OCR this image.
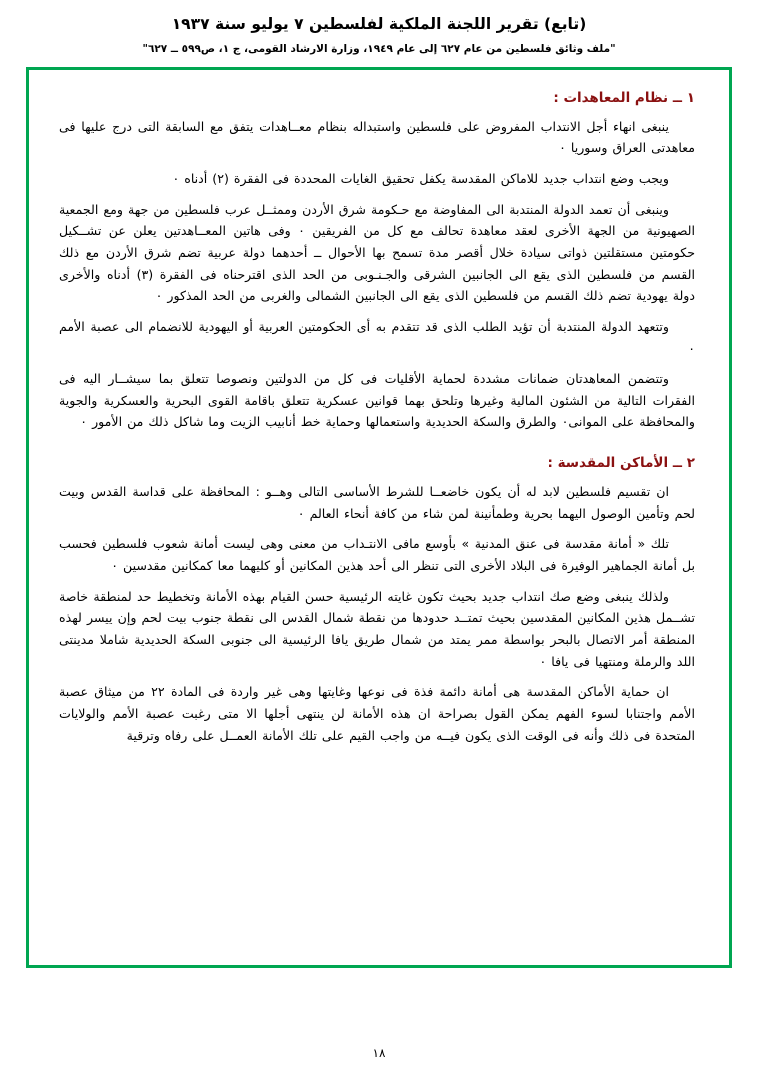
(تابع) تقرير اللجنة الملكية لفلسطين ٧ يوليو سنة ١٩٣٧
"ملف وثائق فلسطين من عام ٦٢٧ إلى عام ١٩٤٩، وزارة الارشاد القومى، ج ١، ص٥٩٩ ــ ٦٢٧"
١ ــ نظام المعاهدات :

ينبغى انهاء أجل الانتداب المفروض على فلسطين واستبداله بنظام معــاهدات يتفق مع السابقة التى درج عليها فى معاهدتى العراق وسوريا ٠

ويجب وضع انتداب جديد للاماكن المقدسة يكفل تحقيق الغايات المحددة فى الفقرة (٢) أدناه ٠

وينبغى أن تعمد الدولة المنتدبة الى المفاوضة مع حـكومة شرق الأردن وممثــل عرب فلسطين من جهة ومع الجمعية الصهيونية من الجهة الأخرى لعقد معاهدة تحالف مع كل من الفريقين ٠ وفى هاتين المعــاهدتين يعلن عن تشــكيل حكومتين مستقلتين ذواتى سيادة خلال أقصر مدة تسمح بها الأحوال ــ أحدهما دولة عربية تضم شرق الأردن مع ذلك القسم من فلسطين الذى يقع الى الجانبين الشرقى والجـنـوبى من الحد الذى اقترحناه فى الفقرة (٣) أدناه والأخرى دولة يهودية تضم ذلك القسم من فلسطين الذى يقع الى الجانبين الشمالى والغربى من الحد المذكور ٠

وتتعهد الدولة المنتدبة أن تؤيد الطلب الذى قد تتقدم به أى الحكومتين العربية أو اليهودية للانضمام الى عصبة الأمم ٠

وتتضمن المعاهدتان ضمانات مشددة لحماية الأقليات فى كل من الدولتين ونصوصا تتعلق بما سيشــار اليه فى الفقرات التالية من الشئون المالية وغيرها وتلحق بهما قوانين عسكرية تتعلق باقامة القوى البحرية والعسكرية والجوية والمحافظة على الموانى٠ والطرق والسكة الحديدية واستعمالها وحماية خط أنابيب الزيت وما شاكل ذلك من الأمور ٠

٢ ــ الأماكن المقدسة :

ان تقسيم فلسطين لابد له أن يكون خاضعــا للشرط الأساسى التالى وهــو : المحافظة على قداسة القدس وبيت لحم وتأمين الوصول اليهما بحرية وطمأنينة لمن شاء من كافة أنحاء العالم ٠

تلك « أمانة مقدسة فى عنق المدنية » بأوسع مافى الانتـداب من معنى وهى ليست أمانة شعوب فلسطين فحسب بل أمانة الجماهير الوفيرة فى البلاد الأخرى التى تنظر الى أحد هذين المكانين أو كليهما معا كمكانين مقدسين ٠

ولذلك ينبغى وضع صك انتداب جديد بحيث تكون غايته الرئيسية حسن القيام بهذه الأمانة وتخطيط حد لمنطقة خاصة تشــمل هذين المكانين المقدسين بحيث تمتــد حدودها من نقطة شمال القدس الى نقطة جنوب بيت لحم وإن ييسر لهذه المنطقة أمر الاتصال بالبحر بواسطة ممر يمتد من شمال طريق يافا الرئيسية الى جنوبى السكة الحديدية شاملا مدينتى اللد والرملة ومنتهيا فى يافا ٠

ان حماية الأماكن المقدسة هى أمانة دائمة فذة فى نوعها وغايتها وهى غير واردة فى المادة ٢٢ من ميثاق عصبة الأمم واجتنابا لسوء الفهم يمكن القول بصراحة ان هذه الأمانة لن ينتهى أجلها الا متى رغبت عصبة الأمم والولايات المتحدة فى ذلك وأنه فى الوقت الذى يكون فيــه من واجب القيم على تلك الأمانة العمــل على رفاه وترقية

١٨
